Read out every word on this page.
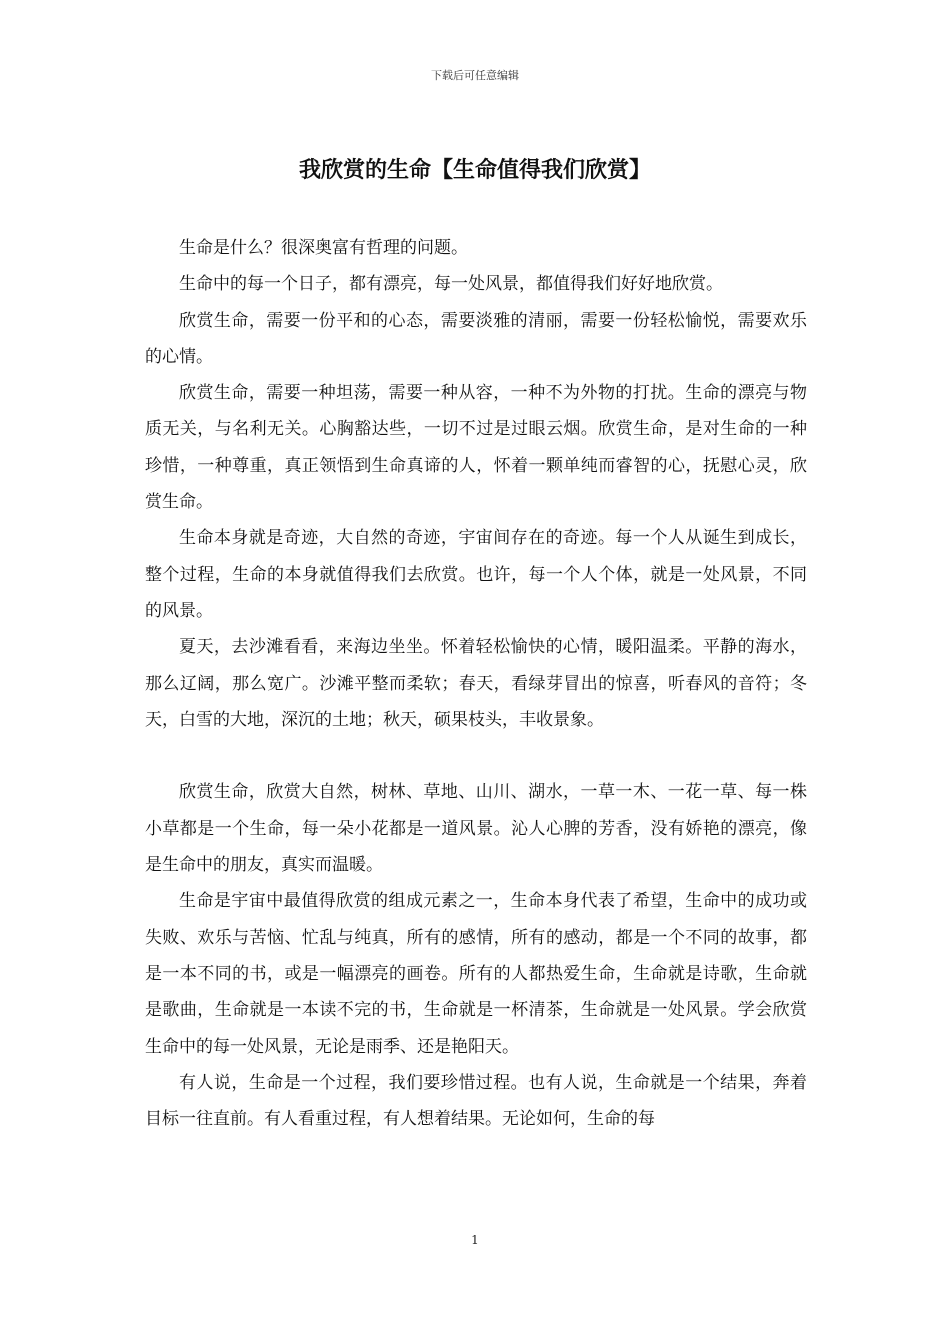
下载后可任意编辑
我欣赏的生命【生命值得我们欣赏】

生命是什么？很深奥富有哲理的问题。

生命中的每一个日子，都有漂亮，每一处风景，都值得我们好好地欣赏。

欣赏生命，需要一份平和的心态，需要淡雅的清丽，需要一份轻松愉悦，需要欢乐的心情。

欣赏生命，需要一种坦荡，需要一种从容，一种不为外物的打扰。生命的漂亮与物质无关，与名利无关。心胸豁达些，一切不过是过眼云烟。欣赏生命，是对生命的一种珍惜，一种尊重，真正领悟到生命真谛的人，怀着一颗单纯而睿智的心，抚慰心灵，欣赏生命。

生命本身就是奇迹，大自然的奇迹，宇宙间存在的奇迹。每一个人从诞生到成长，整个过程，生命的本身就值得我们去欣赏。也许，每一个人个体，就是一处风景，不同的风景。

夏天，去沙滩看看，来海边坐坐。怀着轻松愉快的心情，暖阳温柔。平静的海水，那么辽阔，那么宽广。沙滩平整而柔软；春天，看绿芽冒出的惊喜，听春风的音符；冬天，白雪的大地，深沉的土地；秋天，硕果枝头，丰收景象。

欣赏生命，欣赏大自然，树林、草地、山川、湖水，一草一木、一花一草、每一株小草都是一个生命，每一朵小花都是一道风景。沁人心脾的芳香，没有娇艳的漂亮，像是生命中的朋友，真实而温暖。

生命是宇宙中最值得欣赏的组成元素之一，生命本身代表了希望，生命中的成功或失败、欢乐与苦恼、忙乱与纯真，所有的感情，所有的感动，都是一个不同的故事，都是一本不同的书，或是一幅漂亮的画卷。所有的人都热爱生命，生命就是诗歌，生命就是歌曲，生命就是一本读不完的书，生命就是一杯清茶，生命就是一处风景。学会欣赏生命中的每一处风景，无论是雨季、还是艳阳天。

有人说，生命是一个过程，我们要珍惜过程。也有人说，生命就是一个结果，奔着目标一往直前。有人看重过程，有人想着结果。无论如何，生命的每

1
